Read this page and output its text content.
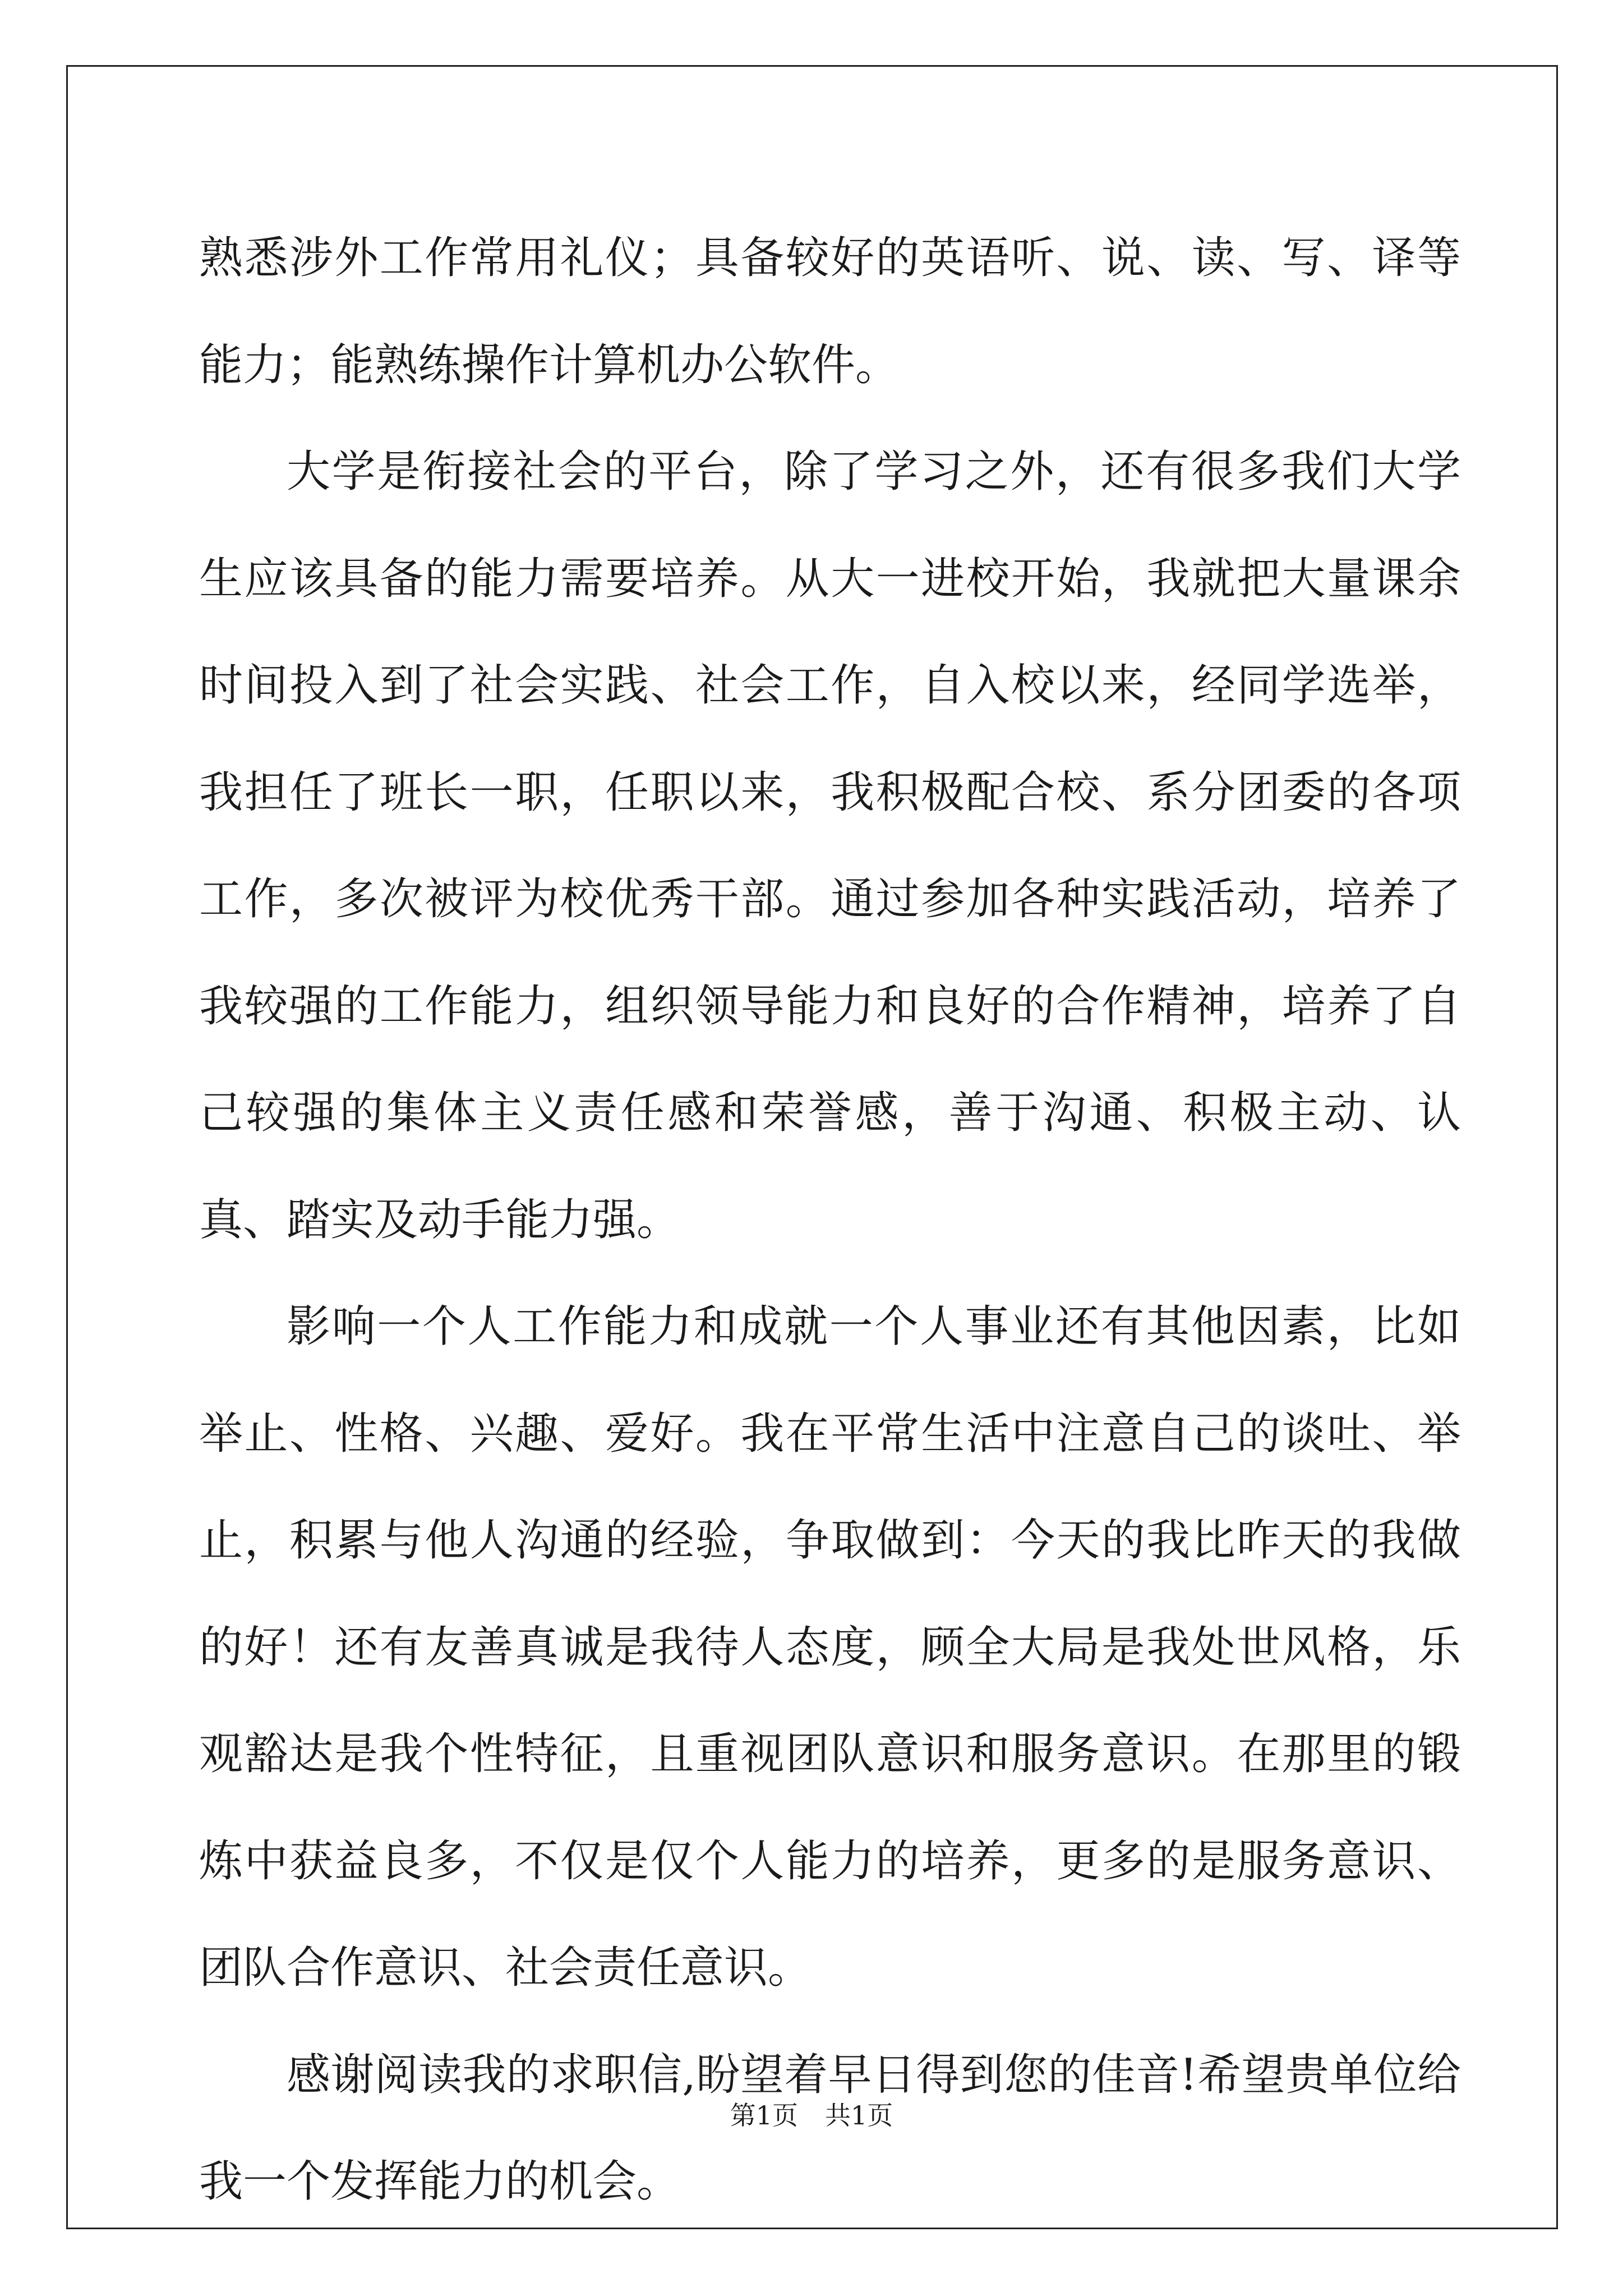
熟悉涉外工作常用礼仪；具备较好的英语听、说、读、写、译等能力；能熟练操作计算机办公软件。

大学是衔接社会的平台，除了学习之外，还有很多我们大学生应该具备的能力需要培养。从大一进校开始，我就把大量课余时间投入到了社会实践、社会工作，自入校以来，经同学选举，我担任了班长一职，任职以来，我积极配合校、系分团委的各项工作，多次被评为校优秀干部。通过参加各种实践活动，培养了我较强的工作能力，组织领导能力和良好的合作精神，培养了自己较强的集体主义责任感和荣誉感，善于沟通、积极主动、认真、踏实及动手能力强。

影响一个人工作能力和成就一个人事业还有其他因素，比如举止、性格、兴趣、爱好。我在平常生活中注意自己的谈吐、举止，积累与他人沟通的经验，争取做到：今天的我比昨天的我做的好！还有友善真诚是我待人态度，顾全大局是我处世风格，乐观豁达是我个性特征，且重视团队意识和服务意识。在那里的锻炼中获益良多，不仅是仅个人能力的培养，更多的是服务意识、团队合作意识、社会责任意识。

感谢阅读我的求职信,盼望着早日得到您的佳音!希望贵单位给我一个发挥能力的机会。

第1页 共1页
